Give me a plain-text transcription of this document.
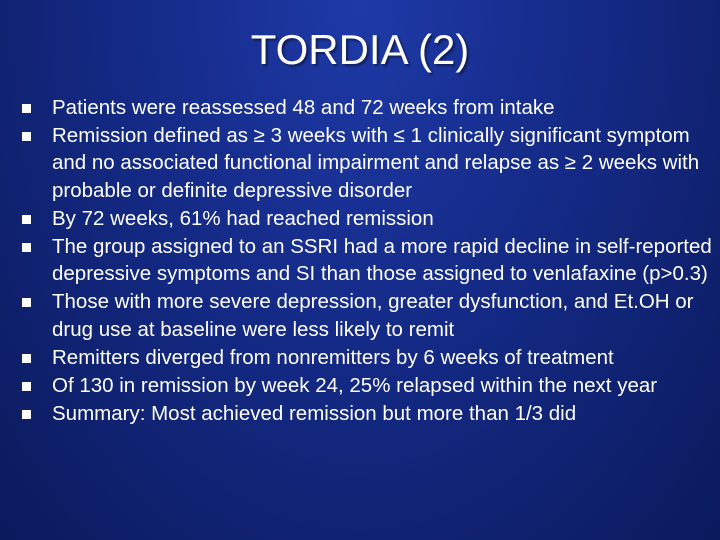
TORDIA (2)
Patients were reassessed 48 and 72 weeks from intake
Remission defined as ≥ 3 weeks with ≤ 1 clinically significant symptom and no associated functional impairment and relapse as ≥ 2 weeks with probable or definite depressive disorder
By 72 weeks, 61% had reached remission
The group assigned to an SSRI had a more rapid decline in self-reported depressive symptoms and SI than those assigned to venlafaxine (p>0.3)
Those with more severe depression, greater dysfunction, and Et.OH or drug use at baseline were less likely to remit
Remitters diverged from nonremitters by 6 weeks of treatment
Of 130 in remission by week 24, 25% relapsed within the next year
Summary: Most achieved remission but more than 1/3 did
